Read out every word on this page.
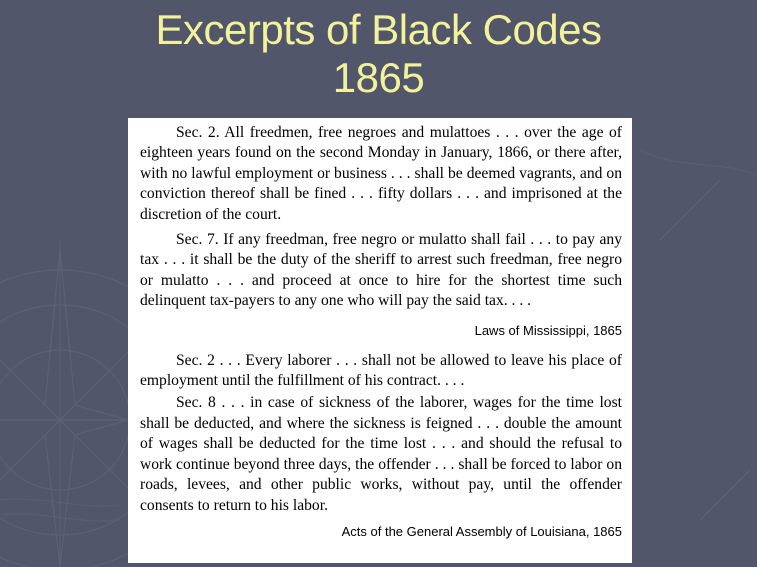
Excerpts of Black Codes
1865

Sec. 2. All freedmen, free negroes and mulattoes . . . over the age of eighteen years found on the second Monday in January, 1866, or there after, with no lawful employment or business . . . shall be deemed vagrants, and on conviction thereof shall be fined . . . fifty dollars . . . and imprisoned at the discretion of the court.

Sec. 7. If any freedman, free negro or mulatto shall fail . . . to pay any tax . . . it shall be the duty of the sheriff to arrest such freedman, free negro or mulatto . . . and proceed at once to hire for the shortest time such delinquent tax-payers to any one who will pay the said tax. . . .

Laws of Mississippi, 1865

Sec. 2 . . . Every laborer . . . shall not be allowed to leave his place of employment until the fulfillment of his contract. . . .

Sec. 8 . . . in case of sickness of the laborer, wages for the time lost shall be deducted, and where the sickness is feigned . . . double the amount of wages shall be deducted for the time lost . . . and should the refusal to work continue beyond three days, the offender . . . shall be forced to labor on roads, levees, and other public works, without pay, until the offender consents to return to his labor.

Acts of the General Assembly of Louisiana, 1865
